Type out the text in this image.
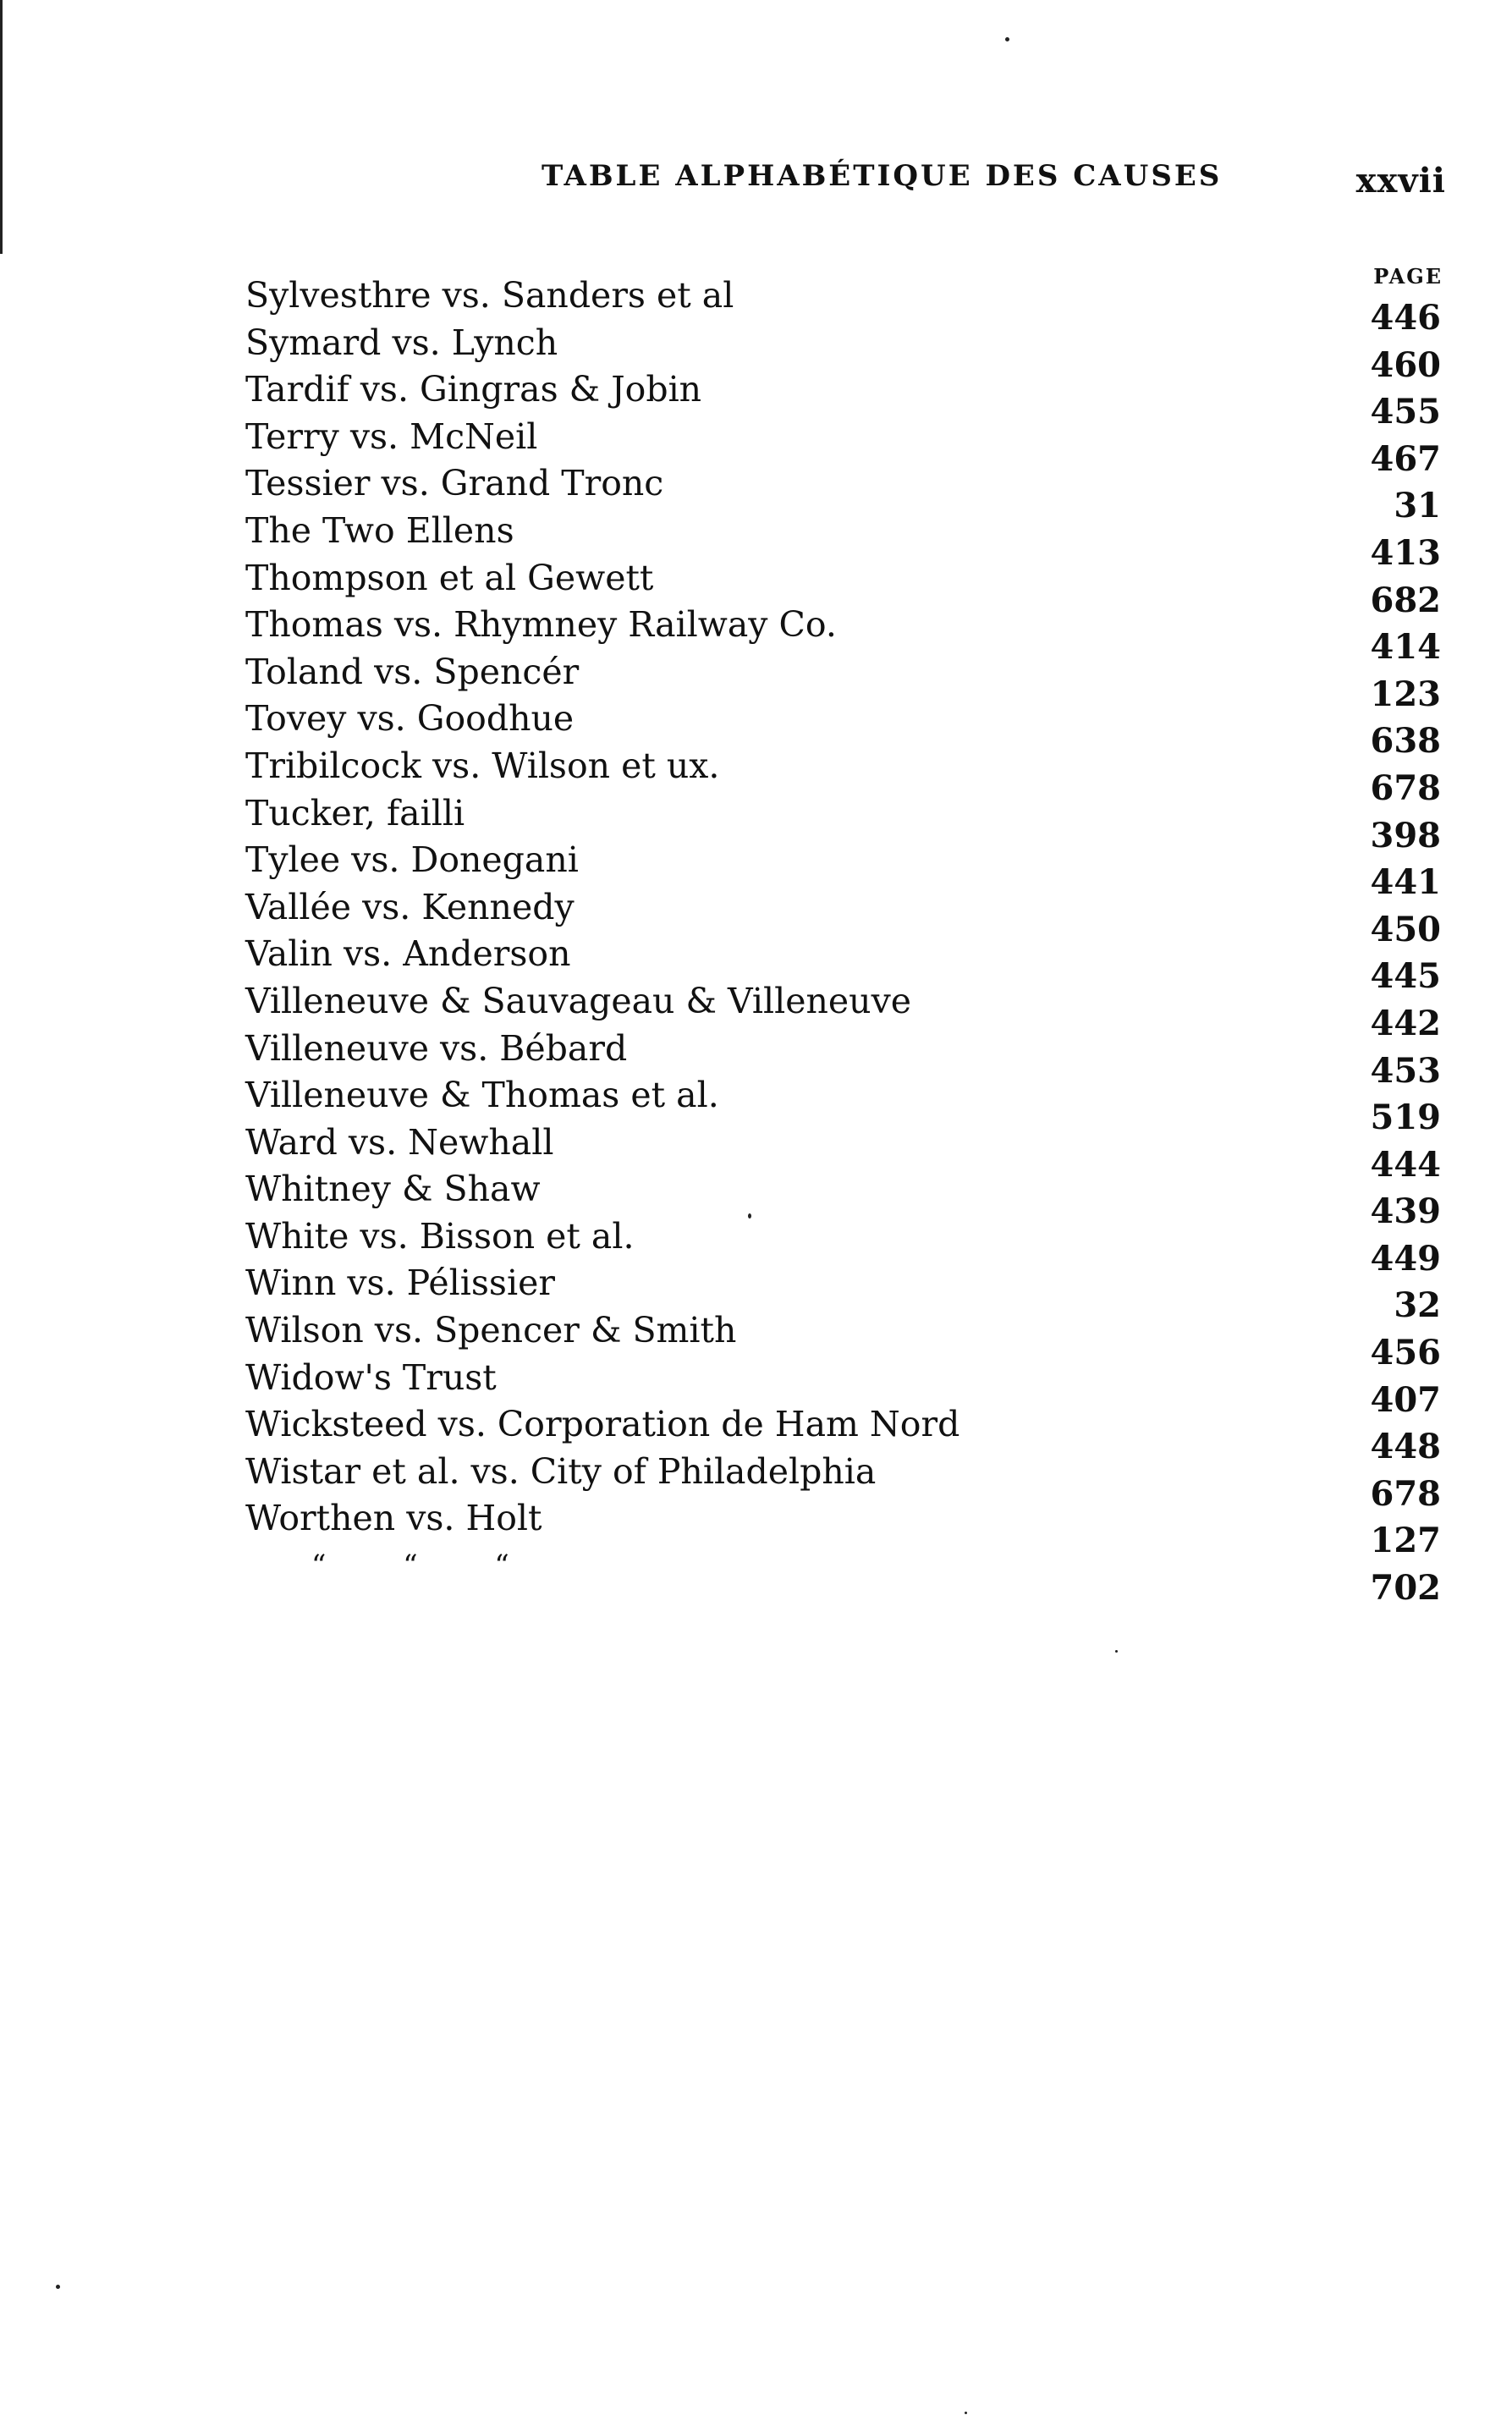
TABLE ALPHABÉTIQUE DES CAUSES	xxvii
PAGE
Sylvesthre vs. Sanders et al
Symard vs. Lynch
Tardif vs. Gingras & Jobin
Terry vs. McNeil
Tessier vs. Grand Tronc
The Two Ellens
Thompson et al Gewett
Thomas vs. Rhymney Railway Co.
Toland vs. Spencér
Tovey vs. Goodhue
Tribilcock vs. Wilson et ux.
Tucker, failli
Tylee vs. Donegani
Vallée vs. Kennedy
Valin vs. Anderson
Villeneuve & Sauvageau & Villeneuve
Villeneuve vs. Bébard
Villeneuve & Thomas et al.
Ward vs. Newhall
Whitney & Shaw
White vs. Bisson et al.
Winn vs. Pélissier
Wilson vs. Spencer & Smith
Widow's Trust
Wicksteed vs. Corporation de Ham Nord
Wistar et al. vs. City of Philadelphia
Worthen vs. Holt
“ “ “
446
460
455
467
31
413
682
414
123
638
678
398
441
450
445
442
453
519
444
439
449
32
456
407
448
678
127
702
